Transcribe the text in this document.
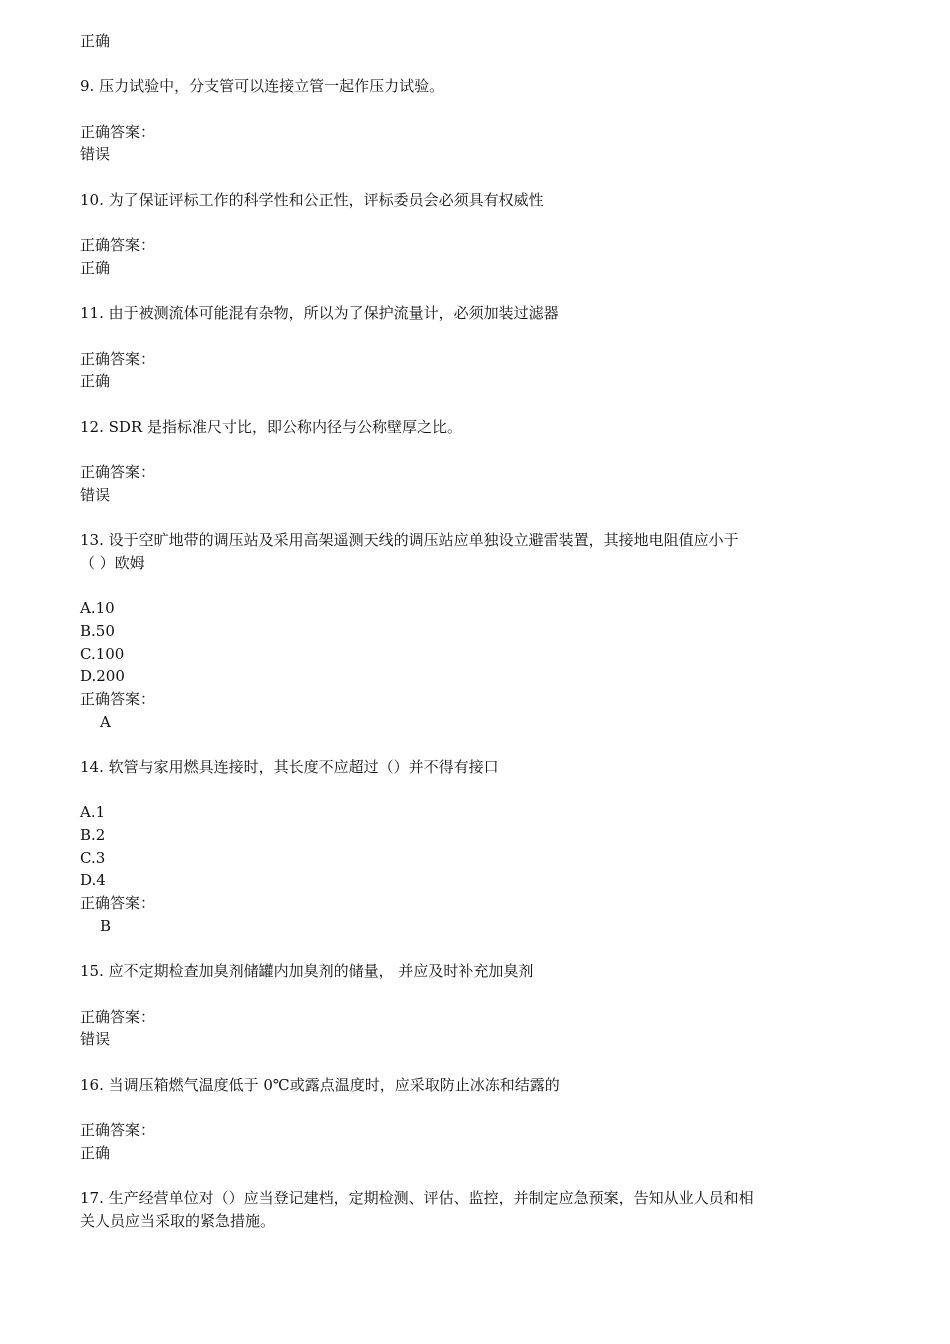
正确
9. 压力试验中，分支管可以连接立管一起作压力试验。
正确答案：
错误
10. 为了保证评标工作的科学性和公正性，评标委员会必须具有权威性
正确答案：
正确
11. 由于被测流体可能混有杂物，所以为了保护流量计，必须加装过滤器
正确答案：
正确
12. SDR 是指标准尺寸比，即公称内径与公称壁厚之比。
正确答案：
错误
13. 设于空旷地带的调压站及采用高架遥测天线的调压站应单独设立避雷装置，其接地电阻值应小于
（ ）欧姆
A.10
B.50
C.100
D.200
正确答案：
A
14. 软管与家用燃具连接时，其长度不应超过（）并不得有接口
A.1
B.2
C.3
D.4
正确答案：
B
15. 应不定期检查加臭剂储罐内加臭剂的储量， 并应及时补充加臭剂
正确答案：
错误
16. 当调压箱燃气温度低于 0℃或露点温度时，应采取防止冰冻和结露的
正确答案：
正确
17. 生产经营单位对（）应当登记建档，定期检测、评估、监控，并制定应急预案，告知从业人员和相
关人员应当采取的紧急措施。
